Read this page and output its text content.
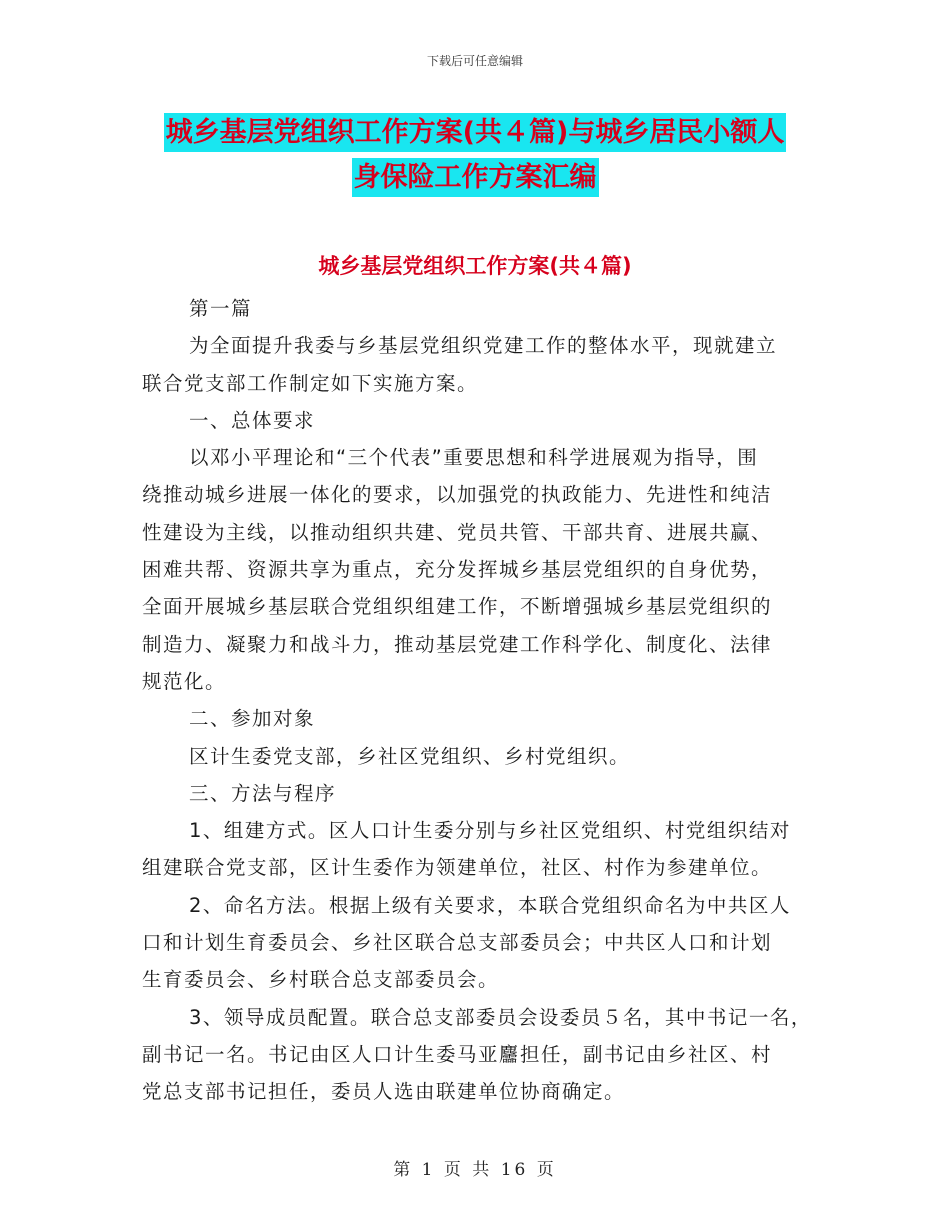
下载后可任意编辑
城乡基层党组织工作方案(共４篇)与城乡居民小额人
身保险工作方案汇编
城乡基层党组织工作方案(共４篇)
第一篇
为全面提升我委与乡基层党组织党建工作的整体水平，现就建立
联合党支部工作制定如下实施方案。
一、总体要求
以邓小平理论和“三个代表”重要思想和科学进展观为指导，围
绕推动城乡进展一体化的要求，以加强党的执政能力、先进性和纯洁
性建设为主线，以推动组织共建、党员共管、干部共育、进展共赢、
困难共帮、资源共享为重点，充分发挥城乡基层党组织的自身优势，
全面开展城乡基层联合党组织组建工作，不断增强城乡基层党组织的
制造力、凝聚力和战斗力，推动基层党建工作科学化、制度化、法律
规范化。
二、参加对象
区计生委党支部，乡社区党组织、乡村党组织。
三、方法与程序
1、组建方式。区人口计生委分别与乡社区党组织、村党组织结对
组建联合党支部，区计生委作为领建单位，社区、村作为参建单位。
2、命名方法。根据上级有关要求，本联合党组织命名为中共区人
口和计划生育委员会、乡社区联合总支部委员会；中共区人口和计划
生育委员会、乡村联合总支部委员会。
3、领导成员配置。联合总支部委员会设委员５名，其中书记一名，
副书记一名。书记由区人口计生委马亚麢担任，副书记由乡社区、村
党总支部书记担任，委员人选由联建单位协商确定。
第 1 页 共 16 页
